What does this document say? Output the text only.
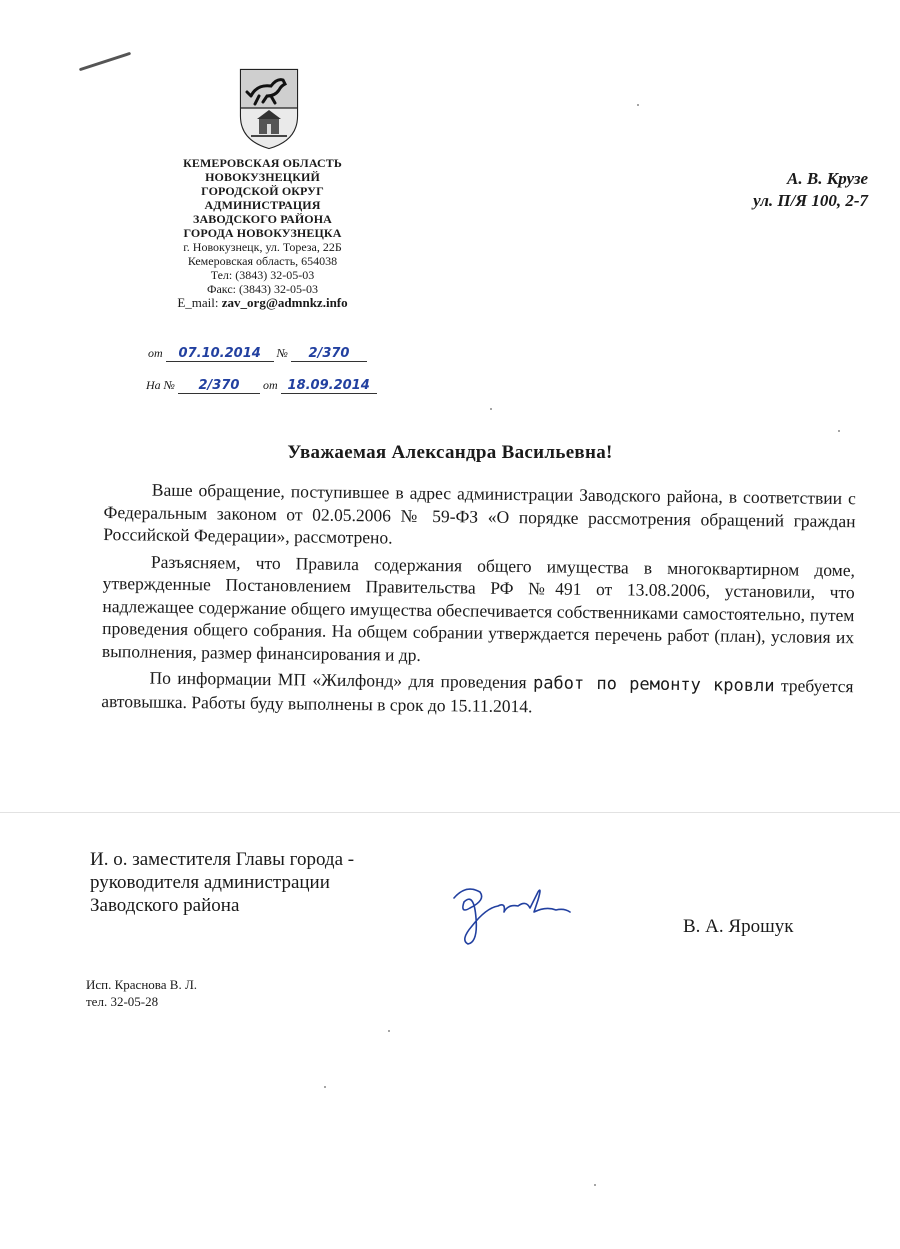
КЕМЕРОВСКАЯ ОБЛАСТЬ
НОВОКУЗНЕЦКИЙ
ГОРОДСКОЙ ОКРУГ
АДМИНИСТРАЦИЯ
ЗАВОДСКОГО РАЙОНА
ГОРОДА НОВОКУЗНЕЦКА
г. Новокузнецк, ул. Тореза, 22Б
Кемеровская область, 654038
Тел: (3843) 32-05-03
Факс: (3843) 32-05-03
E_mail: zav_org@admnkz.info
А. В. Крузе
ул. П/Я 100, 2-7
от 07.10.2014 № 2/370
На № 2/370 от 18.09.2014
Уважаемая Александра Васильевна!

Ваше обращение, поступившее в адрес администрации Заводского района, в соответствии с Федеральным законом от 02.05.2006 № 59-ФЗ «О порядке рассмотрения обращений граждан Российской Федерации», рассмотрено.

Разъясняем, что Правила содержания общего имущества в многоквартирном доме, утвержденные Постановлением Правительства РФ №491 от 13.08.2006, установили, что надлежащее содержание общего имущества обеспечивается собственниками самостоятельно, путем проведения общего собрания. На общем собрании утверждается перечень работ (план), условия их выполнения, размер финансирования и др.

По информации МП «Жилфонд» для проведения работ по ремонту кровли требуется автовышка. Работы буду выполнены в срок до 15.11.2014.

И. о. заместителя Главы города -
руководителя администрации
Заводского района
В. А. Ярошук
Исп. Краснова В. Л.
тел. 32-05-28
